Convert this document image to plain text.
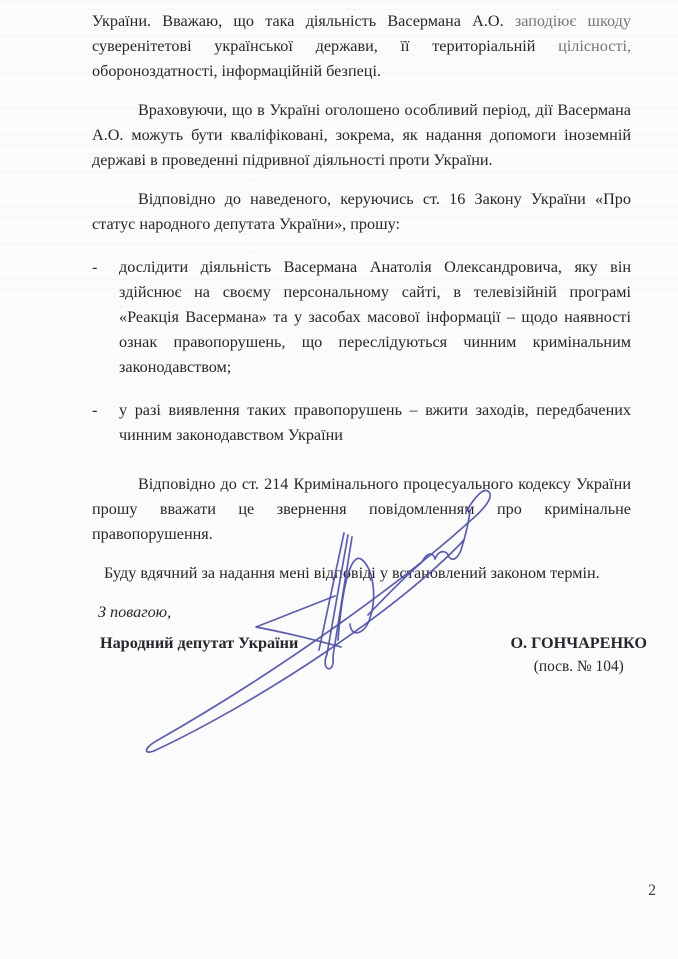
України. Вважаю, що така діяльність Васермана А.О. заподіює шкоду суверенітетові української держави, її територіальній цілісності, обороноздатності, інформаційній безпеці.

Враховуючи, що в Україні оголошено особливий період, дії Васермана А.О. можуть бути кваліфіковані, зокрема, як надання допомоги іноземній державі в проведенні підривної діяльності проти України.

Відповідно до наведеного, керуючись ст. 16 Закону України «Про статус народного депутата України», прошу:

-	дослідити діяльність Васермана Анатолія Олександровича, яку він здійснює на своєму персональному сайті, в телевізійній програмі «Реакція Васермана» та у засобах масової інформації – щодо наявності ознак правопорушень, що переслідуються чинним кримінальним законодавством;
-	у разі виявлення таких правопорушень – вжити заходів, передбачених чинним законодавством України

Відповідно до ст. 214 Кримінального процесуального кодексу України прошу вважати це звернення повідомленням про кримінальне правопорушення.

Буду вдячний за надання мені відповіді у встановлений законом термін.

З повагою,

Народний депутат України	О. ГОНЧАРЕНКО
(посв. № 104)
2
